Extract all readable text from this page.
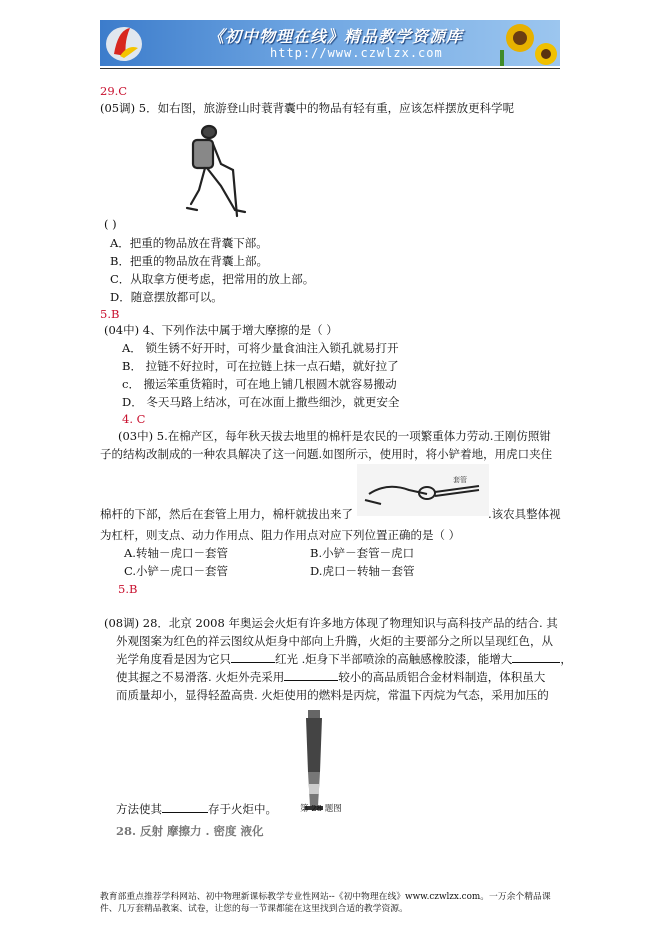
《初中物理在线》精品教学资源库
http://www.czwlzx.com
29.C
(05调) 5．如右图，旅游登山时蓑背囊中的物品有轻有重，应该怎样摆放更科学呢
( )
A．把重的物品放在背囊下部。
B．把重的物品放在背囊上部。
C．从取拿方便考虑，把常用的放上部。
D．随意摆放都可以。
5.B
(04中) 4、下列作法中属于增大摩擦的是（ ）
A． 锁生锈不好开时，可将少量食油注入锁孔就易打开
B． 拉链不好拉时，可在拉链上抹一点石蜡，就好拉了
c． 搬运笨重货箱时，可在地上铺几根圆木就容易搬动
D． 冬天马路上结冰，可在冰面上撒些细沙，就更安全
4. C
(03中) 5.在棉产区，每年秋天拔去地里的棉杆是农民的一项繁重体力劳动.王刚仿照钳
子的结构改制成的一种农具解决了这一问题.如图所示，使用时，将小铲着地，用虎口夹住
套管
棉杆的下部，然后在套管上用力，棉杆就拔出来了	.该农具整体视
为杠杆，则支点、动力作用点、阻力作用点对应下列位置正确的是（ ）
A.转轴－虎口－套管	B.小铲－套管－虎口
C.小铲－虎口－套管	D.虎口－转轴－套管
5.B
(08调) 28．北京 2008 年奥运会火炬有许多地方体现了物理知识与高科技产品的结合. 其
外观图案为红色的祥云图纹从炬身中部向上升腾，火炬的主要部分之所以呈现红色，从
光学角度看是因为它只	红光 .炬身下半部喷涂的高触感橡胶漆，能增大	，
使其握之不易滑落. 火炬外壳采用	较小的高品质铝合金材料制造，体积虽大
而质量却小，显得轻盈高贵. 火炬使用的燃料是丙烷，常温下丙烷为气态，采用加压的
方法使其	存于火炬中。	第 28 题图
28. 反射 摩擦力 . 密度 液化
教育部重点推荐学科网站、初中物理新课标教学专业性网站--《初中物理在线》www.czwlzx.com。一万余个精品课件、几万套精品教案、试卷，让您的每一节课都能在这里找到合适的教学资源。
